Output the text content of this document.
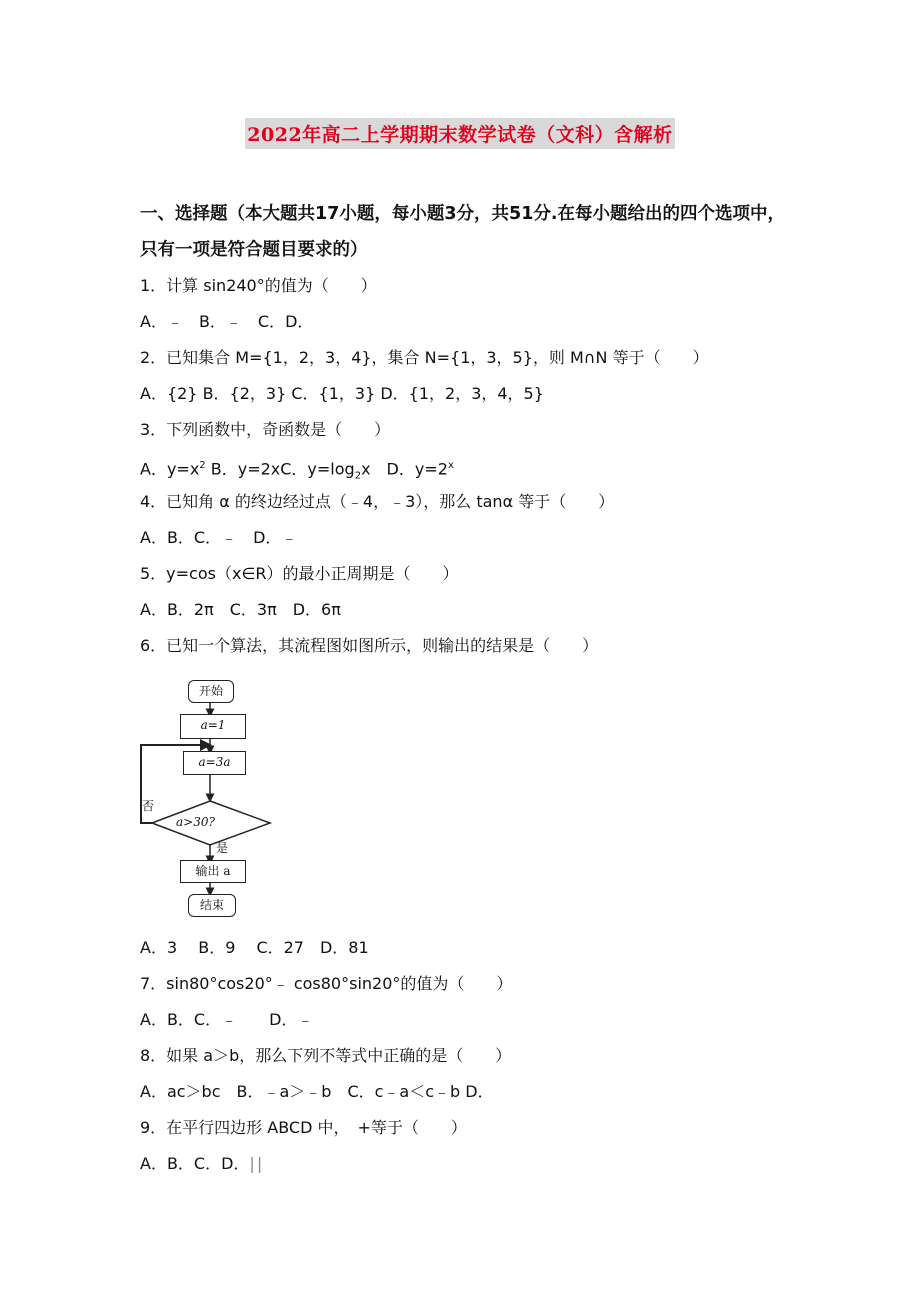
2022年高二上学期期末数学试卷（文科）含解析
一、选择题（本大题共17小题，每小题3分，共51分.在每小题给出的四个选项中，只有一项是符合题目要求的）
1．计算 sin240°的值为（　　）
A．﹣　B．﹣　C．D．
2．已知集合 M={1，2，3，4}，集合 N={1，3，5}，则 M∩N 等于（　　）
A．{2} B．{2，3} C．{1，3} D．{1，2，3，4，5}
3．下列函数中，奇函数是（　　）
A．$y=x^2$ B．y=2xC．$y=\log_2x$　D．$y=2^x$
4．已知角 α 的终边经过点（﹣4，﹣3），那么 tanα 等于（　　）
A．B．C．﹣　D．﹣
5．y=cos（x∈R）的最小正周期是（　　）
A．B．2π　C．3π　D．6π
6．已知一个算法，其流程图如图所示，则输出的结果是（　　）
开始
a=1
a=3a
a>30?
否
是
输出 a
结束
A．3　 B．9　 C．27　D．81
7．sin80°cos20°﹣ cos80°sin20°的值为（　　）
A．B．C．﹣　　D．﹣
8．如果 a＞b，那么下列不等式中正确的是（　　）
A．ac＞bc　B．﹣a＞﹣b　C．c﹣a＜c﹣b D．
9．在平行四边形 ABCD 中，　+等于（　　）
A．B．C．D．||
